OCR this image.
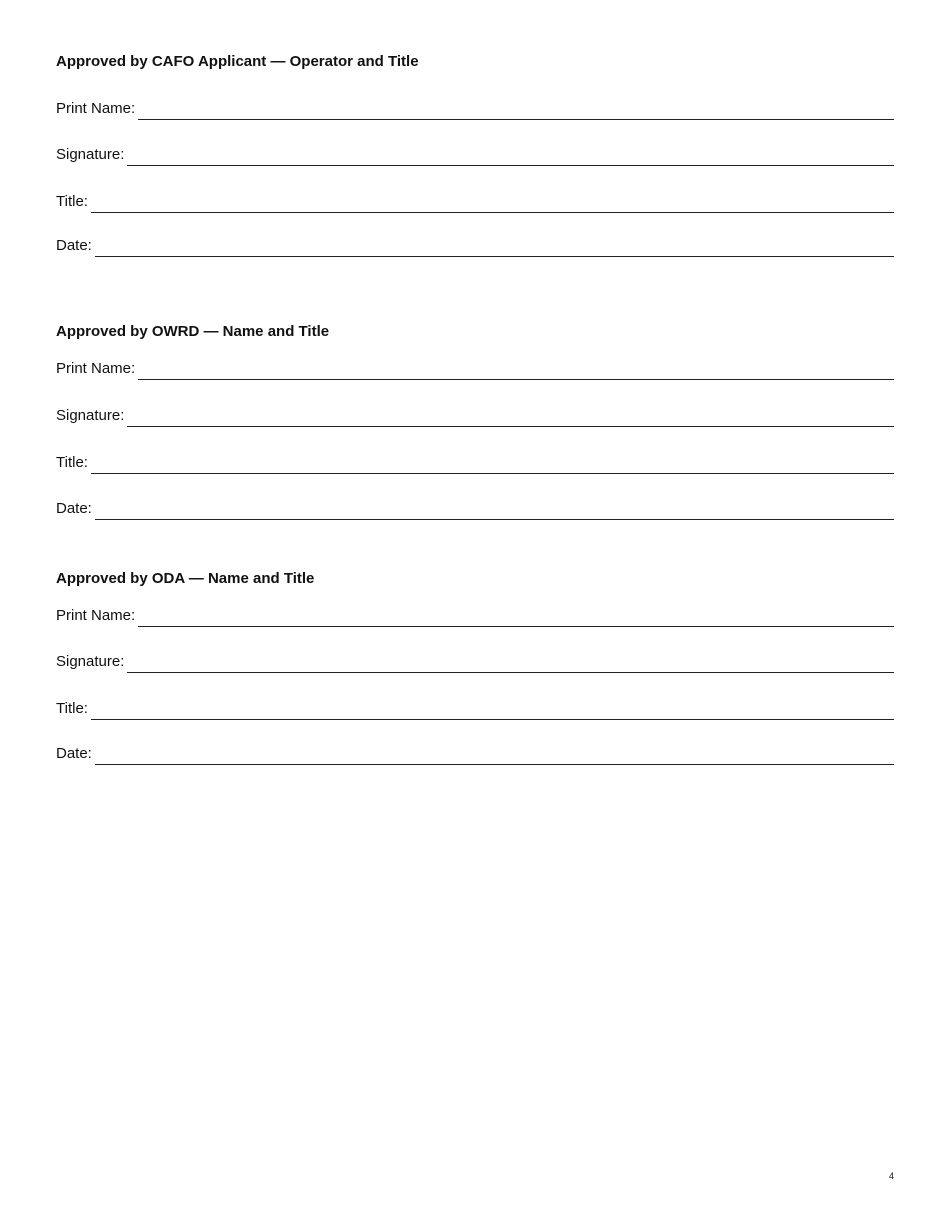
Approved by CAFO Applicant — Operator and Title
Print Name:
Signature:
Title:
Date:
Approved by OWRD — Name and Title
Print Name:
Signature:
Title:
Date:
Approved by ODA — Name and Title
Print Name:
Signature:
Title:
Date:
4
